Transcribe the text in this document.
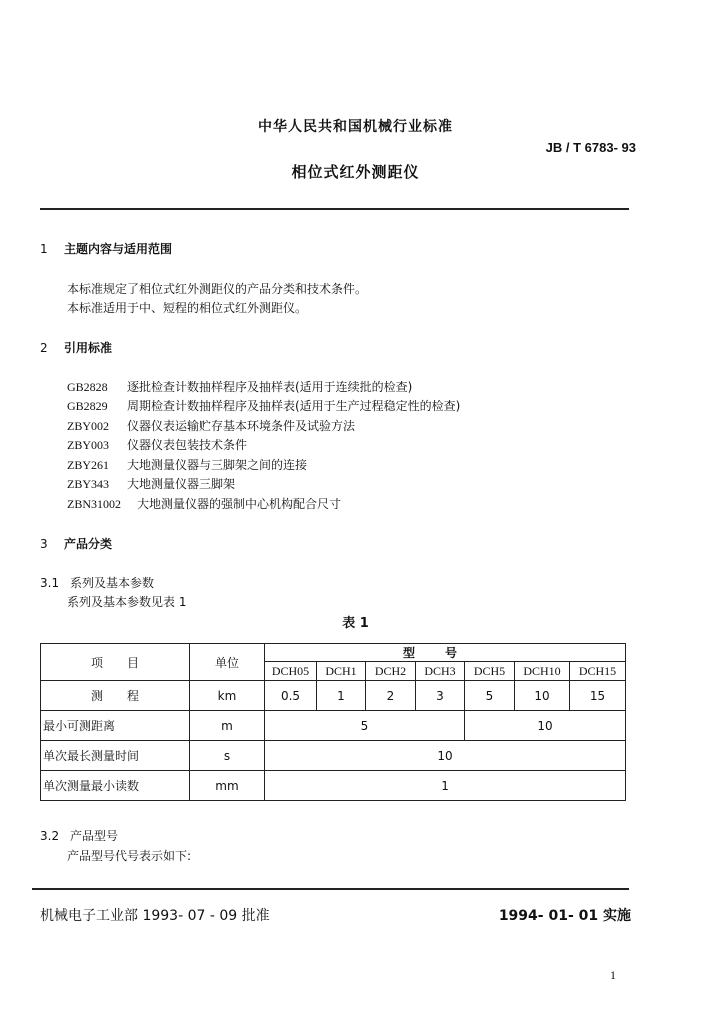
中华人民共和国机械行业标准
JB / T 6783- 93
相位式红外测距仪
1 主题内容与适用范围
本标准规定了相位式红外测距仪的产品分类和技术条件。
本标准适用于中、短程的相位式红外测距仪。
2 引用标准
GB2828 逐批检查计数抽样程序及抽样表(适用于连续批的检查)
GB2829 周期检查计数抽样程序及抽样表(适用于生产过程稳定性的检查)
ZBY002 仪器仪表运输贮存基本环境条件及试验方法
ZBY003 仪器仪表包装技术条件
ZBY261 大地测量仪器与三脚架之间的连接
ZBY343 大地测量仪器三脚架
ZBN31002 大地测量仪器的强制中心机构配合尺寸
3 产品分类
3.1 系列及基本参数
系列及基本参数见表 1
表 1
项　　目	单位	型号						
		DCH05	DCH1	DCH2	DCH3	DCH5	DCH10	DCH15
测　　程	km	0.5	1	2	3	5	10	15
最小可测距离	m	5				10		
单次最长测量时间	s	10						
单次测量最小读数	mm	1						
3.2 产品型号
产品型号代号表示如下:
机械电子工业部 1993- 07 - 09 批准	1994- 01- 01 实施
1
